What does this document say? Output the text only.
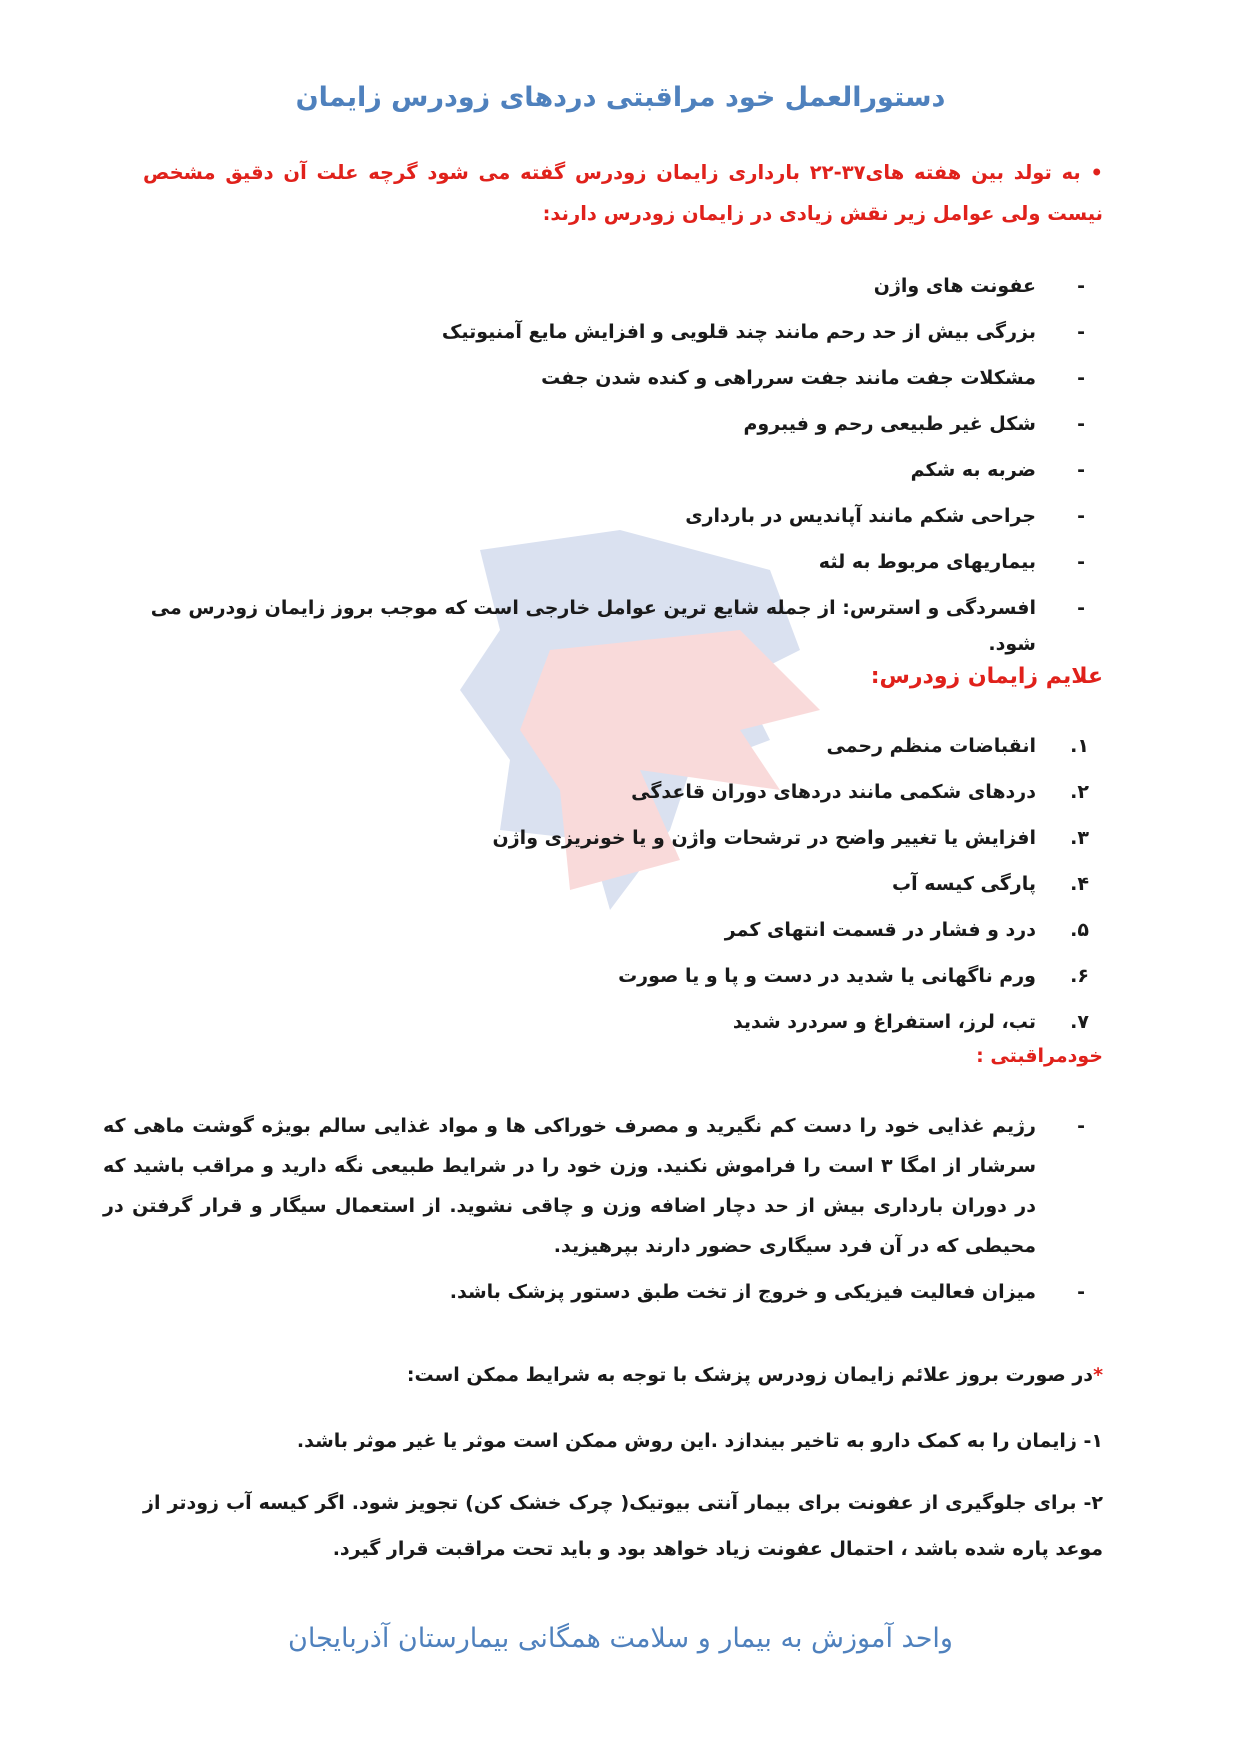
دستورالعمل خود مراقبتی دردهای زودرس زایمان
• به تولد بین هفته های۳۷-۲۲ بارداری زایمان زودرس گفته می شود گرچه علت آن دقیق مشخص نیست ولی عوامل زیر نقش زیادی در زایمان زودرس دارند:
-
عفونت های واژن
-
بزرگی بیش از حد رحم مانند چند قلویی و افزایش مایع آمنیوتیک
-
مشکلات جفت مانند جفت سرراهی و کنده شدن جفت
-
شکل غیر طبیعی رحم و فیبروم
-
ضربه به شکم
-
جراحی شکم مانند آپاندیس در بارداری
-
بیماریهای مربوط به لثه
-
افسردگی و استرس: از جمله شایع ترین عوامل خارجی است که موجب بروز زایمان زودرس می شود.
علایم زایمان زودرس:
۱.
انقباضات منظم رحمی
۲.
دردهای شکمی مانند دردهای دوران قاعدگی
۳.
افزایش یا تغییر واضح در ترشحات واژن و یا خونریزی واژن
۴.
پارگی کیسه آب
۵.
درد و فشار در قسمت انتهای کمر
۶.
ورم ناگهانی یا شدید در دست و پا و یا صورت
۷.
تب، لرز، استفراغ و سردرد شدید
خودمراقبتی :
-
رژیم غذایی خود را دست کم نگیرید و مصرف خوراکی ها و مواد غذایی سالم بویژه گوشت ماهی که سرشار از امگا ۳ است را فراموش نکنید. وزن خود را در شرایط طبیعی نگه دارید و مراقب باشید که در دوران بارداری بیش از حد دچار اضافه وزن و چاقی نشوید. از استعمال سیگار و قرار گرفتن در محیطی که در آن فرد سیگاری حضور دارند بپرهیزید.
-
میزان فعالیت فیزیکی و خروج از تخت طبق دستور پزشک باشد.
*در صورت بروز علائم زایمان زودرس پزشک با توجه به شرایط ممکن است:
۱- زایمان را به کمک دارو به تاخیر بیندازد .این روش ممکن است موثر یا غیر موثر باشد.
۲- برای جلوگیری از عفونت برای بیمار آنتی بیوتیک( چرک خشک کن) تجویز شود. اگر کیسه آب زودتر از موعد پاره شده باشد ، احتمال عفونت زیاد خواهد بود و باید تحت مراقبت قرار گیرد.
واحد آموزش به بیمار و سلامت همگانی بیمارستان آذربایجان
